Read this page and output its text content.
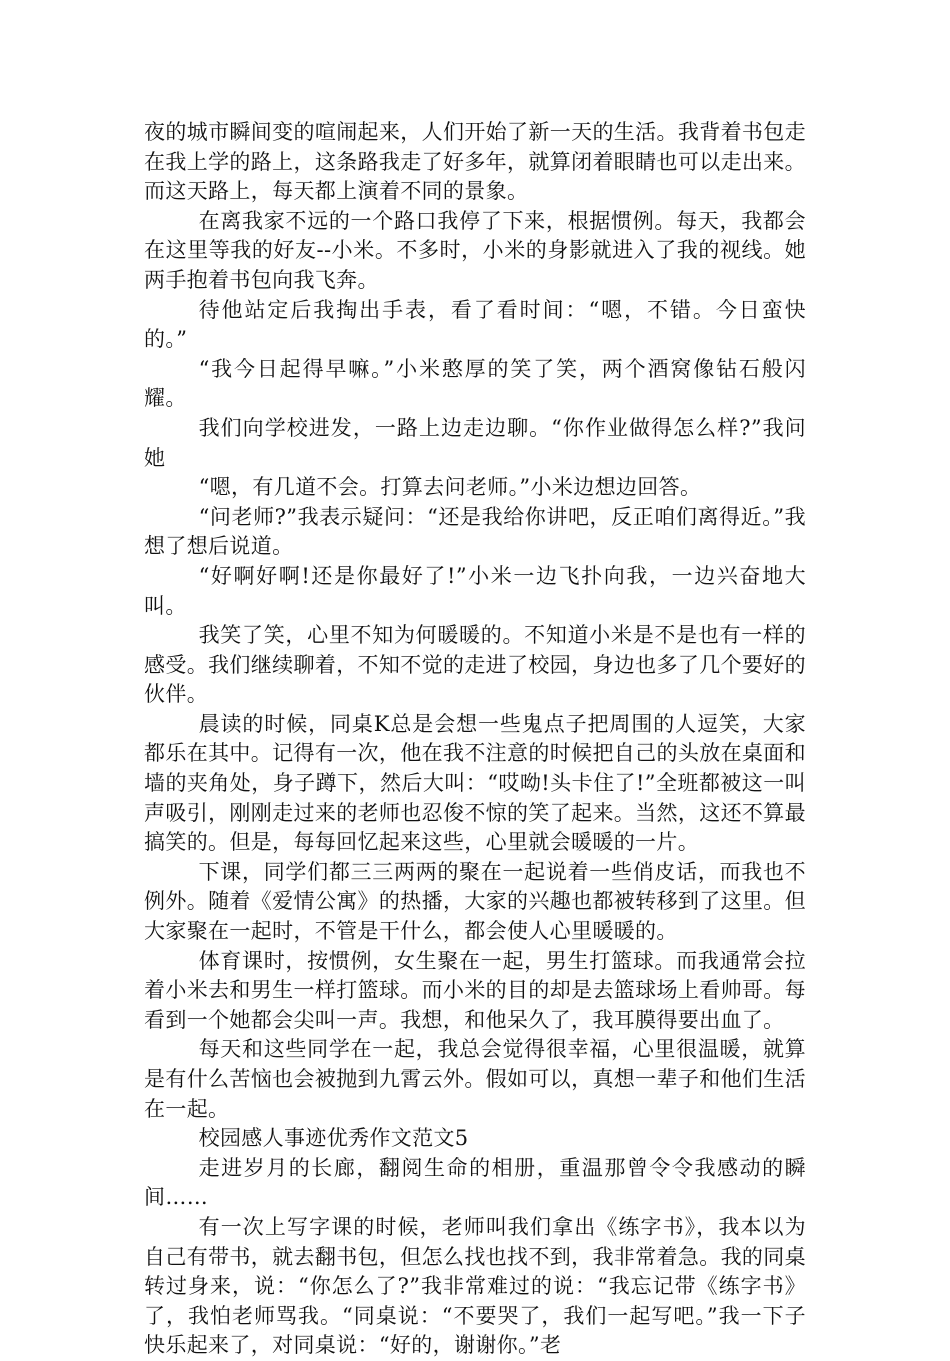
夜的城市瞬间变的喧闹起来，人们开始了新一天的生活。我背着书包走在我上学的路上，这条路我走了好多年，就算闭着眼睛也可以走出来。而这天路上，每天都上演着不同的景象。

在离我家不远的一个路口我停了下来，根据惯例。每天，我都会在这里等我的好友--小米。不多时，小米的身影就进入了我的视线。她两手抱着书包向我飞奔。

待他站定后我掏出手表，看了看时间：“嗯，不错。今日蛮快的。”

“我今日起得早嘛。”小米憨厚的笑了笑，两个酒窝像钻石般闪耀。

我们向学校进发，一路上边走边聊。“你作业做得怎么样?”我问她

“嗯，有几道不会。打算去问老师。”小米边想边回答。

“问老师?”我表示疑问：“还是我给你讲吧，反正咱们离得近。”我想了想后说道。

“好啊好啊!还是你最好了!”小米一边飞扑向我，一边兴奋地大叫。

我笑了笑，心里不知为何暖暖的。不知道小米是不是也有一样的感受。我们继续聊着，不知不觉的走进了校园，身边也多了几个要好的伙伴。

晨读的时候，同桌K总是会想一些鬼点子把周围的人逗笑，大家都乐在其中。记得有一次，他在我不注意的时候把自己的头放在桌面和墙的夹角处，身子蹲下，然后大叫：“哎呦!头卡住了!”全班都被这一叫声吸引，刚刚走过来的老师也忍俊不惊的笑了起来。当然，这还不算最搞笑的。但是，每每回忆起来这些，心里就会暖暖的一片。

下课，同学们都三三两两的聚在一起说着一些俏皮话，而我也不例外。随着《爱情公寓》的热播，大家的兴趣也都被转移到了这里。但大家聚在一起时，不管是干什么，都会使人心里暖暖的。

体育课时，按惯例，女生聚在一起，男生打篮球。而我通常会拉着小米去和男生一样打篮球。而小米的目的却是去篮球场上看帅哥。每看到一个她都会尖叫一声。我想，和他呆久了，我耳膜得要出血了。

每天和这些同学在一起，我总会觉得很幸福，心里很温暖，就算是有什么苦恼也会被抛到九霄云外。假如可以，真想一辈子和他们生活在一起。

校园感人事迹优秀作文范文5

走进岁月的长廊，翻阅生命的相册，重温那曾令令我感动的瞬间……

有一次上写字课的时候，老师叫我们拿出《练字书》，我本以为自己有带书，就去翻书包，但怎么找也找不到，我非常着急。我的同桌转过身来，说：“你怎么了?”我非常难过的说：“我忘记带《练字书》了，我怕老师骂我。“同桌说：“不要哭了，我们一起写吧。”我一下子快乐起来了，对同桌说：“好的，谢谢你。”老
